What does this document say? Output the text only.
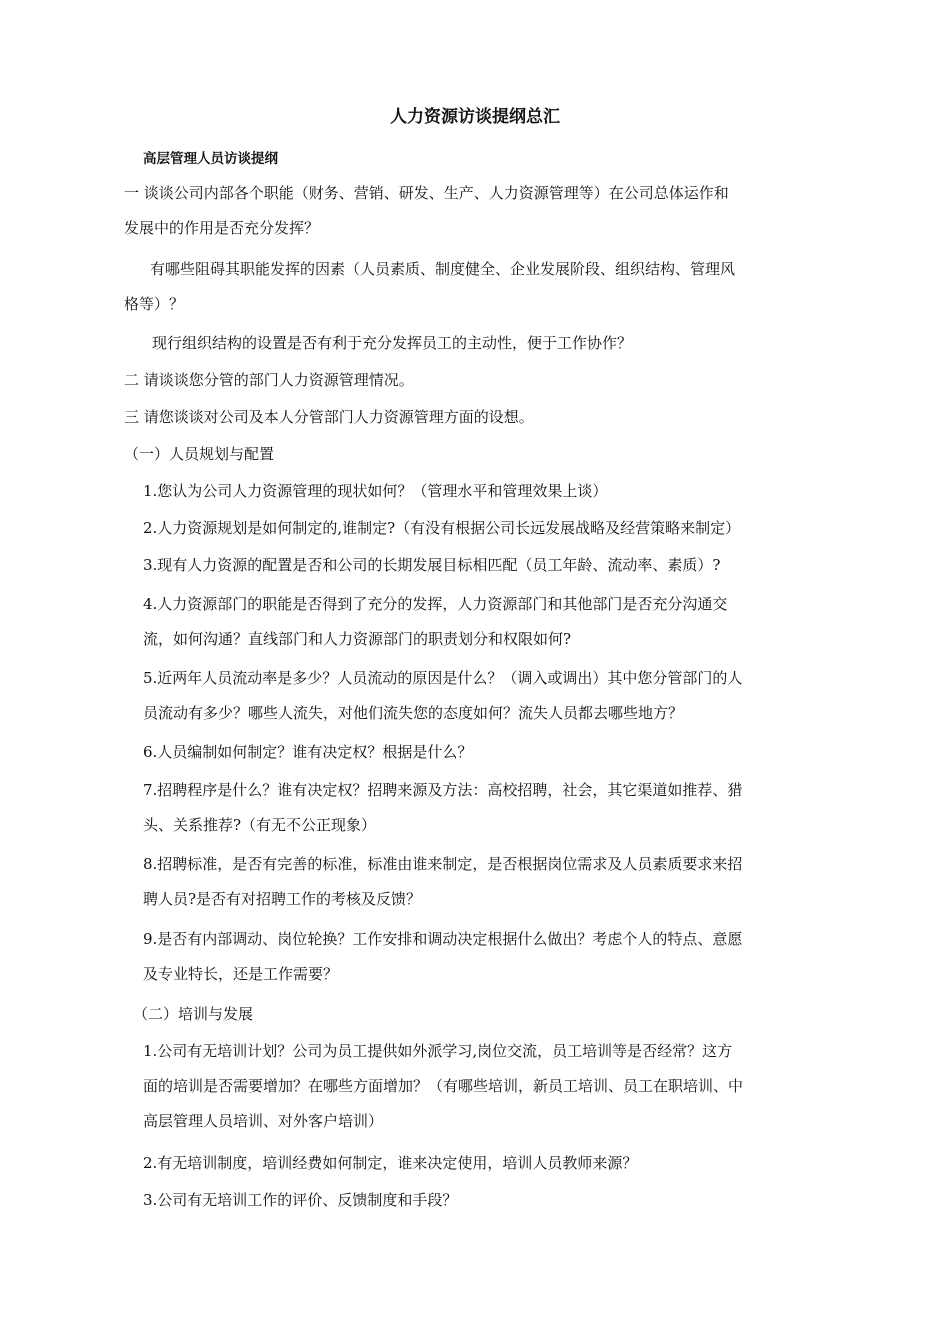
人力资源访谈提纲总汇
高层管理人员访谈提纲

一 谈谈公司内部各个职能（财务、营销、研发、生产、人力资源管理等）在公司总体运作和
发展中的作用是否充分发挥？

有哪些阻碍其职能发挥的因素（人员素质、制度健全、企业发展阶段、组织结构、管理风
格等）？

现行组织结构的设置是否有利于充分发挥员工的主动性，便于工作协作？

二 请谈谈您分管的部门人力资源管理情况。

三 请您谈谈对公司及本人分管部门人力资源管理方面的设想。

（一）人员规划与配置

1.您认为公司人力资源管理的现状如何？（管理水平和管理效果上谈）

2.人力资源规划是如何制定的,谁制定?（有没有根据公司长远发展战略及经营策略来制定）

3.现有人力资源的配置是否和公司的长期发展目标相匹配（员工年龄、流动率、素质）?

4.人力资源部门的职能是否得到了充分的发挥，人力资源部门和其他部门是否充分沟通交
流，如何沟通？直线部门和人力资源部门的职责划分和权限如何?

5.近两年人员流动率是多少？人员流动的原因是什么？（调入或调出）其中您分管部门的人
员流动有多少？哪些人流失，对他们流失您的态度如何？流失人员都去哪些地方？

6.人员编制如何制定？谁有决定权？根据是什么？

7.招聘程序是什么？谁有决定权？招聘来源及方法：高校招聘，社会，其它渠道如推荐、猎
头、关系推荐?（有无不公正现象）

8.招聘标准，是否有完善的标准，标准由谁来制定，是否根据岗位需求及人员素质要求来招
聘人员?是否有对招聘工作的考核及反馈？

9.是否有内部调动、岗位轮换？工作安排和调动决定根据什么做出？考虑个人的特点、意愿
及专业特长，还是工作需要？

（二）培训与发展

1.公司有无培训计划？公司为员工提供如外派学习,岗位交流，员工培训等是否经常？这方
面的培训是否需要增加？在哪些方面增加？（有哪些培训，新员工培训、员工在职培训、中
高层管理人员培训、对外客户培训）

2.有无培训制度，培训经费如何制定，谁来决定使用，培训人员教师来源？

3.公司有无培训工作的评价、反馈制度和手段？
